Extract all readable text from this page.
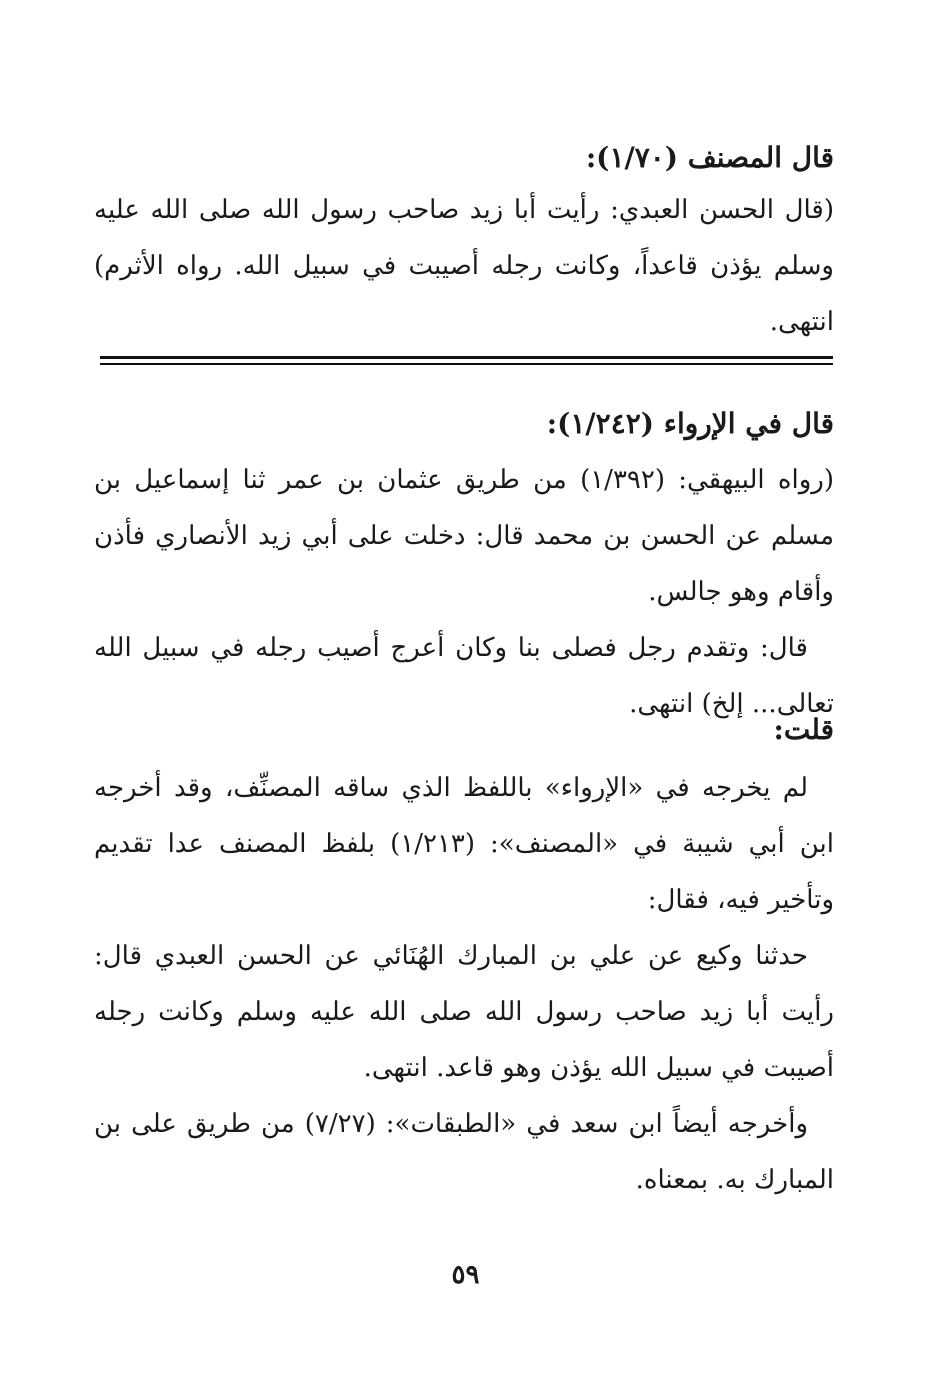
قال المصنف (١/٧٠):

(قال الحسن العبدي: رأيت أبا زيد صاحب رسول الله صلى الله عليه وسلم يؤذن قاعداً، وكانت رجله أصيبت في سبيل الله. رواه الأثرم) انتهى.

قال في الإرواء (١/٢٤٢):

(رواه البيهقي: (١/٣٩٢) من طريق عثمان بن عمر ثنا إسماعيل بن مسلم عن الحسن بن محمد قال: دخلت على أبي زيد الأنصاري فأذن وأقام وهو جالس.

قال: وتقدم رجل فصلى بنا وكان أعرج أصيب رجله في سبيل الله تعالى... إلخ) انتهى.

قلت:

لم يخرجه في «الإرواء» باللفظ الذي ساقه المصنِّف، وقد أخرجه ابن أبي شيبة في «المصنف»: (١/٢١٣) بلفظ المصنف عدا تقديم وتأخير فيه، فقال:

حدثنا وكيع عن علي بن المبارك الهُنَائي عن الحسن العبدي قال: رأيت أبا زيد صاحب رسول الله صلى الله عليه وسلم وكانت رجله أصيبت في سبيل الله يؤذن وهو قاعد. انتهى.

وأخرجه أيضاً ابن سعد في «الطبقات»: (٧/٢٧) من طريق على بن المبارك به. بمعناه.

٥٩
